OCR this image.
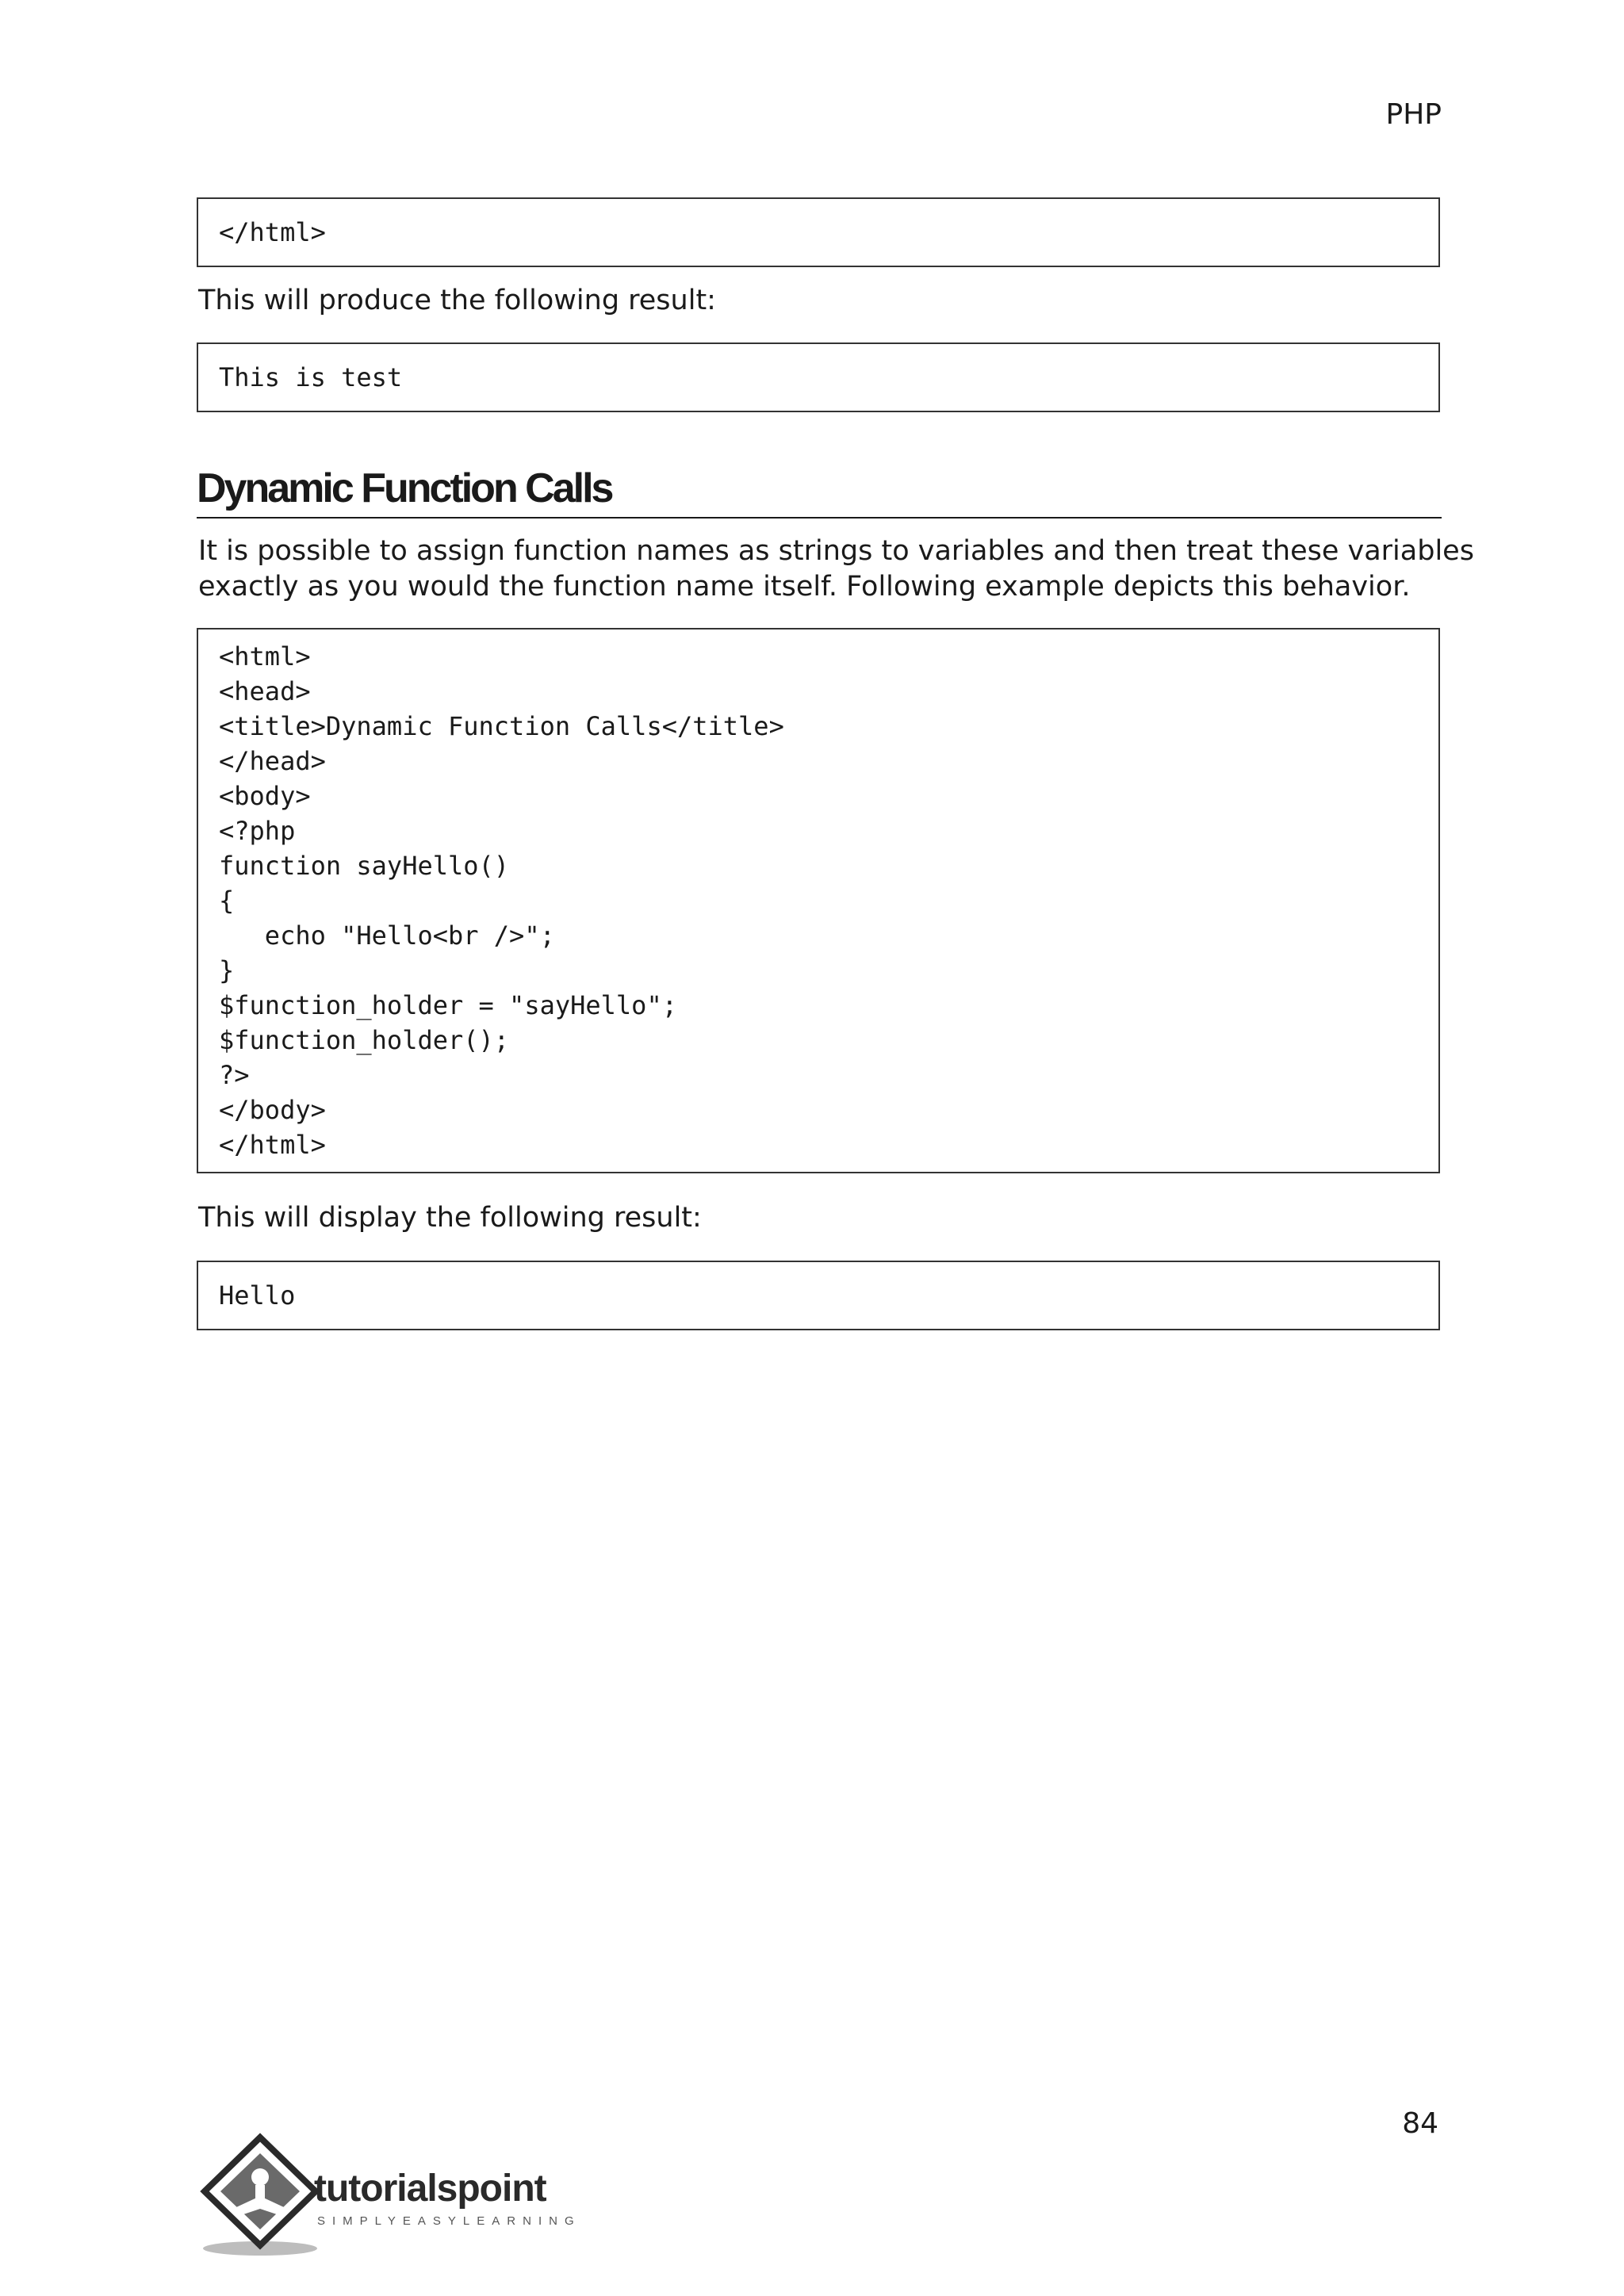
PHP
</html>
This will produce the following result:
This is test
Dynamic Function Calls
It is possible to assign function names as strings to variables and then treat these variables
exactly as you would the function name itself. Following example depicts this behavior.
<html>
<head>
<title>Dynamic Function Calls</title>
</head>
<body>
<?php
function sayHello()
{
echo "Hello<br />";
}
$function_holder = "sayHello";
$function_holder();
?>
</body>
</html>
This will display the following result:
Hello
84
tutorialspoint
SIMPLYEASYLEARNING
